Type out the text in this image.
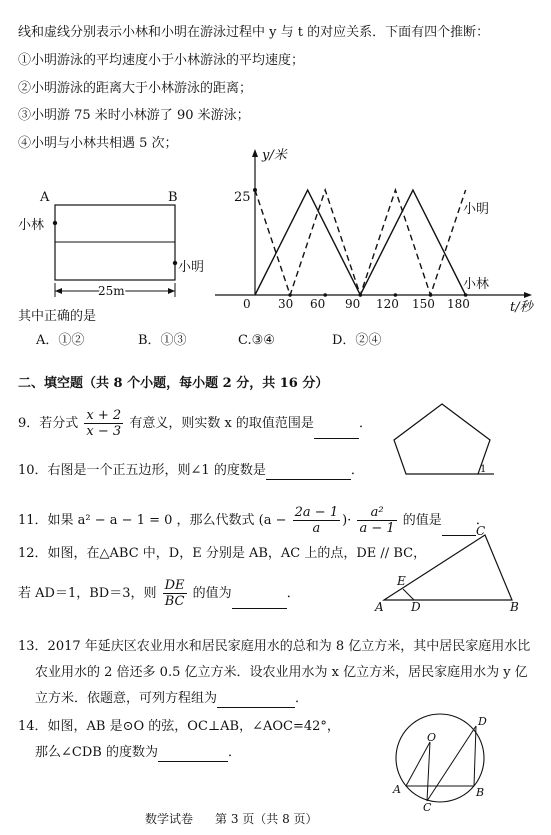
线和虚线分别表示小林和小明在游泳过程中 y 与 t 的对应关系．下面有四个推断：
①小明游泳的平均速度小于小林游泳的平均速度；
②小明游泳的距离大于小林游泳的距离；
③小明游 75 米时小林游了 90 米游泳；
④小明与小林共相遇 5 次；
A	B
小林
小明
25m
y/米
t/秒
25
0 30 60 90 120 150 180
小明
小林
其中正确的是
A．①②	B．①③	C.③④	D．②④
二、填空题（共 8 个小题，每小题 2 分，共 16 分）
9．若分式 $\frac{x + 2}{x - 3}$ 有意义，则实数 x 的取值范围是	．
1
10．右图是一个正五边形，则∠1 的度数是	．
11．如果 a² − a − 1 = 0 ，那么代数式 ($a - \frac{2a - 1}{a}$ )· $\frac{\text{a²}}{a - 1}$ 的值是	．
12．如图，在△ABC 中，D，E 分别是 AB，AC 上的点，DE // BC，
若 AD＝1，BD＝3，则 $\frac{DE}{BC}$ 的值为	．
A	B
C
D
E
13．2017 年延庆区农业用水和居民家庭用水的总和为 8 亿立方米，其中居民家庭用水比
农业用水的 2 倍还多 0.5 亿立方米．设农业用水为 x 亿立方米，居民家庭用水为 y 亿
立方米．依题意，可列方程组为	．
14．如图，AB 是⊙O 的弦，OC⊥AB，∠AOC=42°，
那么∠CDB 的度数为	．
O
A	B
C
D
数学试卷 第 3 页（共 8 页）
